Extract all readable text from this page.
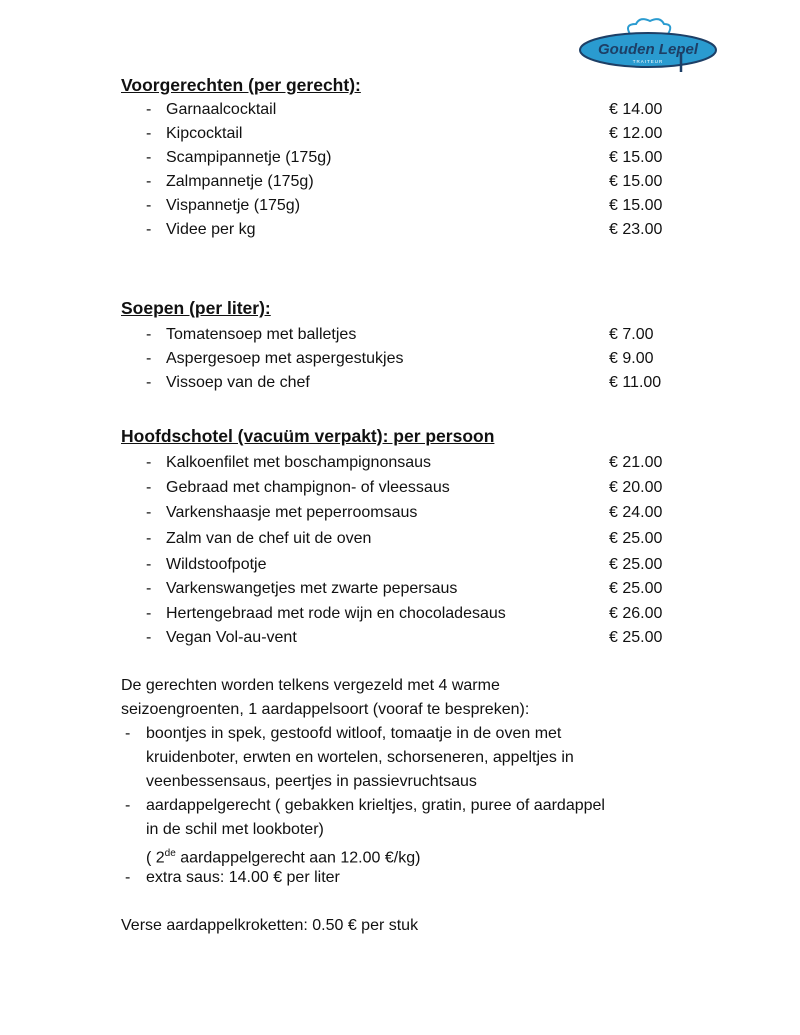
Gouden Lepel
TRAITEUR
Voorgerechten (per gerecht):
- Garnaalcocktail	€ 14.00
- Kipcocktail	€ 12.00
- Scampipannetje (175g)	€ 15.00
- Zalmpannetje (175g)	€ 15.00
- Vispannetje (175g)	€ 15.00
- Videe per kg	€ 23.00
Soepen (per liter):
- Tomatensoep met balletjes	€ 7.00
- Aspergesoep met aspergestukjes	€ 9.00
- Vissoep van de chef	€ 11.00
Hoofdschotel (vacuüm verpakt): per persoon
- Kalkoenfilet met boschampignonsaus	€ 21.00
- Gebraad met champignon- of vleessaus	€ 20.00
- Varkenshaasje met peperroomsaus	€ 24.00
- Zalm van de chef uit de oven	€ 25.00
- Wildstoofpotje	€ 25.00
- Varkenswangetjes met zwarte pepersaus	€ 25.00
- Hertengebraad met rode wijn en chocoladesaus	€ 26.00
- Vegan Vol-au-vent	€ 25.00
De gerechten worden telkens vergezeld met 4 warme
seizoengroenten, 1 aardappelsoort (vooraf te bespreken):
- boontjes in spek, gestoofd witloof, tomaatje in de oven met
kruidenboter, erwten en wortelen, schorseneren, appeltjes in
veenbessensaus, peertjes in passievruchtsaus
- aardappelgerecht ( gebakken krieltjes, gratin, puree of aardappel
in de schil met lookboter)
( 2de aardappelgerecht aan 12.00 €/kg)
- extra saus: 14.00 € per liter
Verse aardappelkroketten: 0.50 € per stuk
